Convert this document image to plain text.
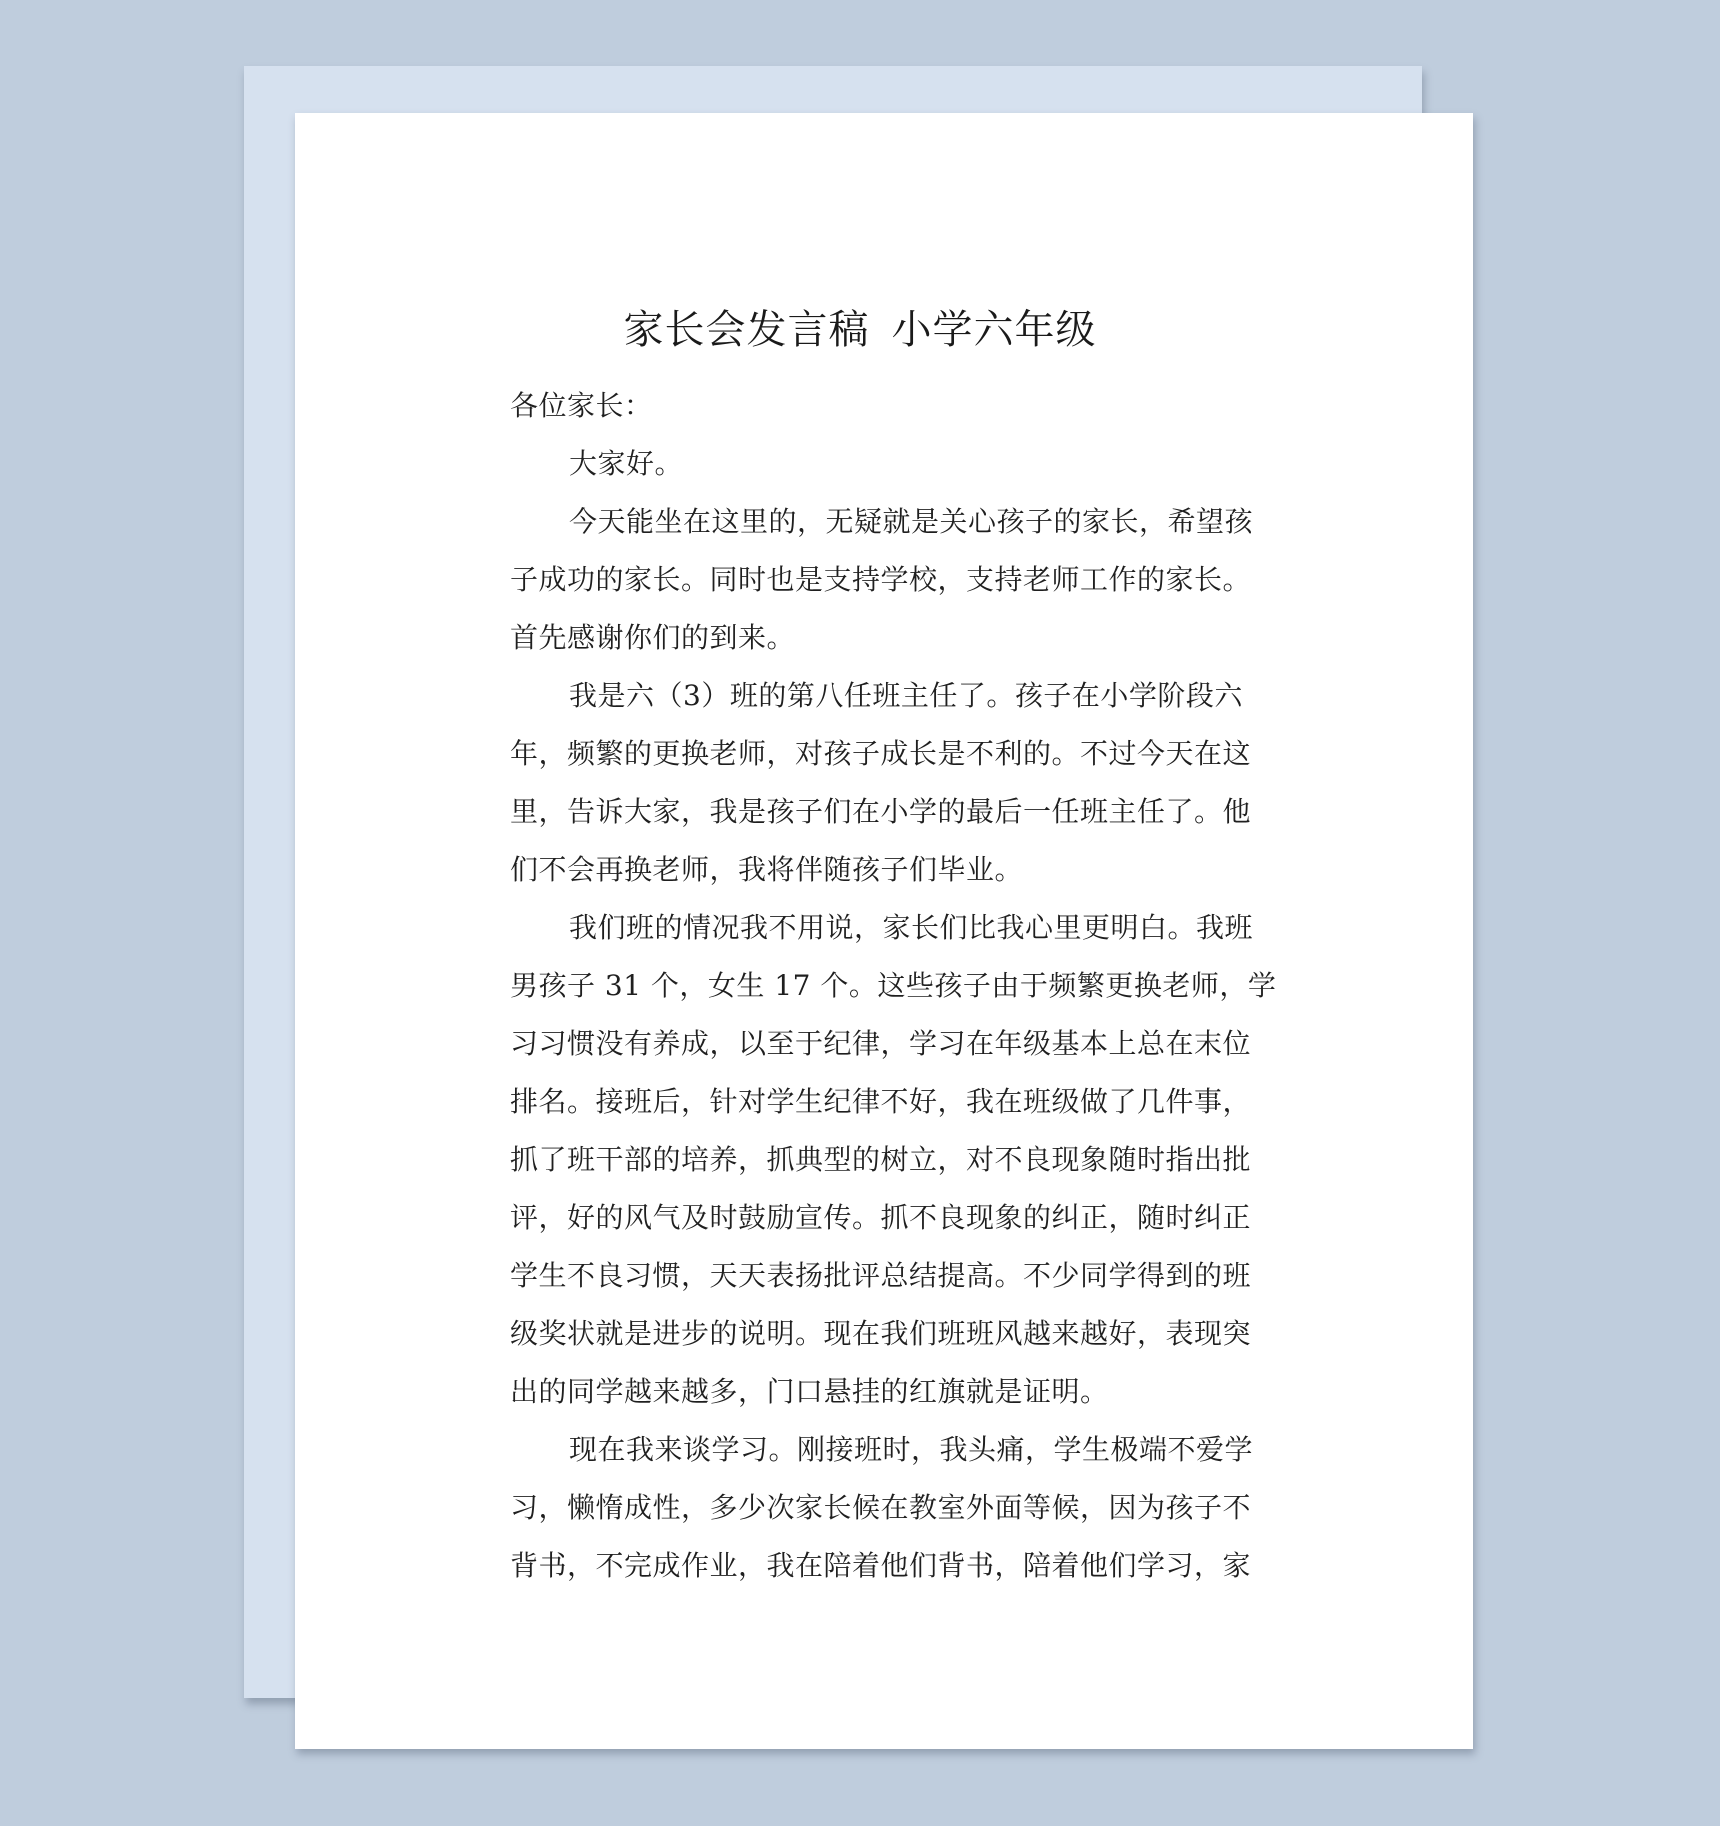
家长会发言稿 小学六年级
各位家长：
大家好。
今天能坐在这里的，无疑就是关心孩子的家长，希望孩
子成功的家长。同时也是支持学校，支持老师工作的家长。
首先感谢你们的到来。
我是六（3）班的第八任班主任了。孩子在小学阶段六
年，频繁的更换老师，对孩子成长是不利的。不过今天在这
里，告诉大家，我是孩子们在小学的最后一任班主任了。他
们不会再换老师，我将伴随孩子们毕业。
我们班的情况我不用说，家长们比我心里更明白。我班
男孩子 31 个，女生 17 个。这些孩子由于频繁更换老师，学
习习惯没有养成，以至于纪律，学习在年级基本上总在末位
排名。接班后，针对学生纪律不好，我在班级做了几件事，
抓了班干部的培养，抓典型的树立，对不良现象随时指出批
评，好的风气及时鼓励宣传。抓不良现象的纠正，随时纠正
学生不良习惯，天天表扬批评总结提高。不少同学得到的班
级奖状就是进步的说明。现在我们班班风越来越好，表现突
出的同学越来越多，门口悬挂的红旗就是证明。
现在我来谈学习。刚接班时，我头痛，学生极端不爱学
习，懒惰成性，多少次家长候在教室外面等候，因为孩子不
背书，不完成作业，我在陪着他们背书，陪着他们学习，家
